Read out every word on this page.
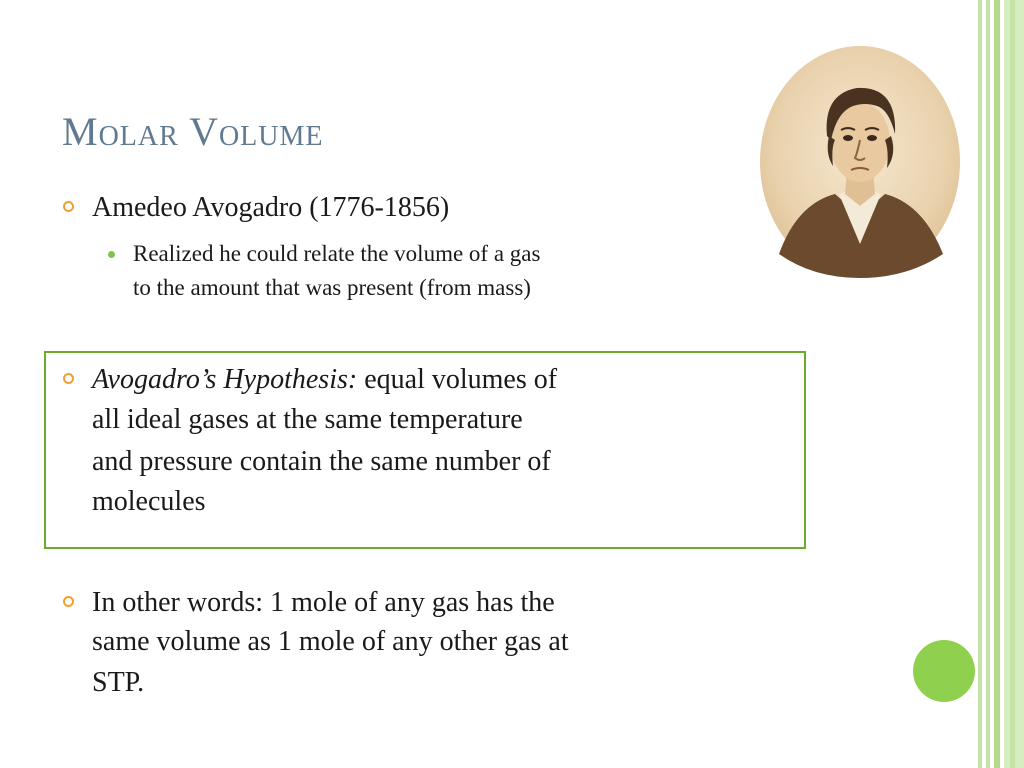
Molar Volume

Amedeo Avogadro (1776-1856)

Realized he could relate the volume of a gas

to the amount that was present (from mass)

Avogadro’s Hypothesis: equal volumes of

all ideal gases at the same temperature

and pressure contain the same number of

molecules

In other words: 1 mole of any gas has the

same volume as 1 mole of any other gas at

STP.
